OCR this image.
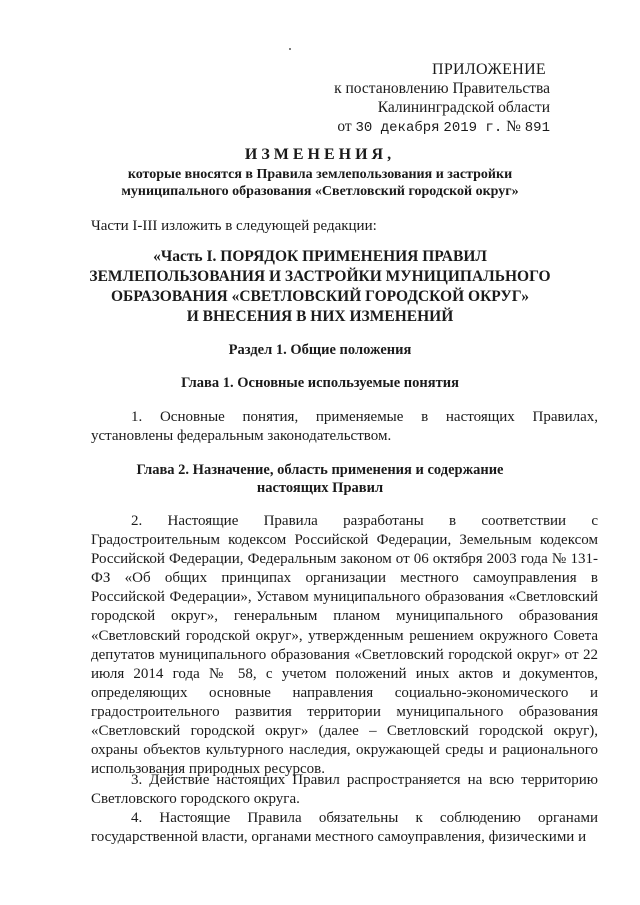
ПРИЛОЖЕНИЕ
к постановлению Правительства
Калининградской области
от 30 декабря 2019 г. № 891
ИЗМЕНЕНИЯ,
которые вносятся в Правила землепользования и застройки
муниципального образования «Светловский городской округ»
Части I-III изложить в следующей редакции:
«Часть I. ПОРЯДОК ПРИМЕНЕНИЯ ПРАВИЛ
ЗЕМЛЕПОЛЬЗОВАНИЯ И ЗАСТРОЙКИ МУНИЦИПАЛЬНОГО
ОБРАЗОВАНИЯ «СВЕТЛОВСКИЙ ГОРОДСКОЙ ОКРУГ»
И ВНЕСЕНИЯ В НИХ ИЗМЕНЕНИЙ
Раздел 1. Общие положения
Глава 1. Основные используемые понятия
1. Основные понятия, применяемые в настоящих Правилах, установлены федеральным законодательством.
Глава 2. Назначение, область применения и содержание
настоящих Правил
2. Настоящие Правила разработаны в соответствии с Градостроительным кодексом Российской Федерации, Земельным кодексом Российской Федерации, Федеральным законом от 06 октября 2003 года № 131-ФЗ «Об общих принципах организации местного самоуправления в Российской Федерации», Уставом муниципального образования «Светловский городской округ», генеральным планом муниципального образования «Светловский городской округ», утвержденным решением окружного Совета депутатов муниципального образования «Светловский городской округ» от 22 июля 2014 года № 58, с учетом положений иных актов и документов, определяющих основные направления социально-экономического и градостроительного развития территории муниципального образования «Светловский городской округ» (далее – Светловский городской округ), охраны объектов культурного наследия, окружающей среды и рационального использования природных ресурсов.
3. Действие настоящих Правил распространяется на всю территорию Светловского городского округа.
4. Настоящие Правила обязательны к соблюдению органами государственной власти, органами местного самоуправления, физическими и
